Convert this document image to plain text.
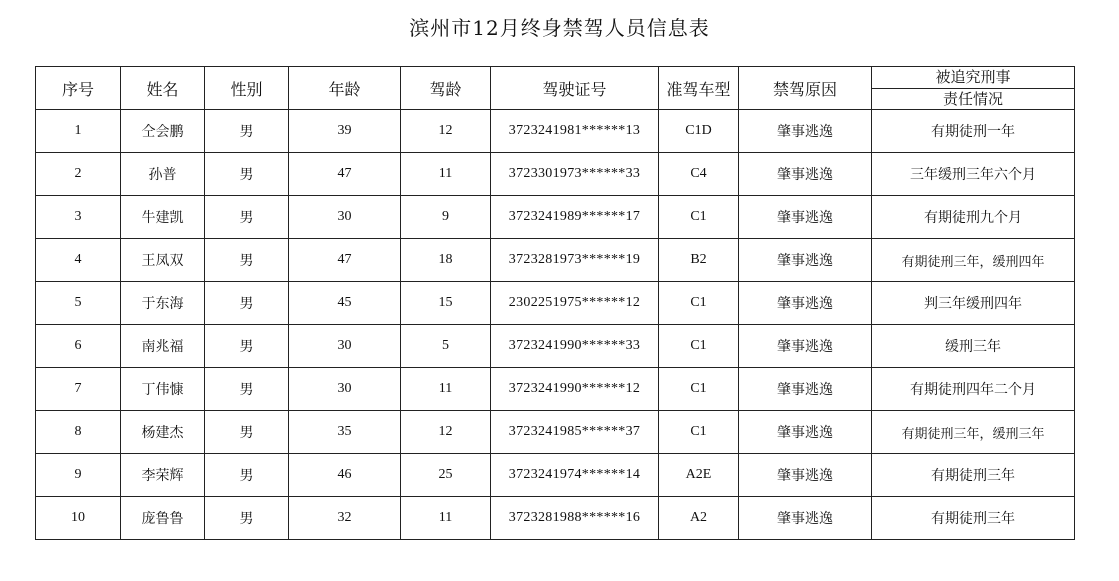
滨州市12月终身禁驾人员信息表
序号	姓名	性别	年龄	驾龄	驾驶证号	准驾车型	禁驾原因	被追究刑事
								责任情况
1	仝会鹏	男	39	12	3723241981******13	C1D	肇事逃逸	有期徒刑一年
2	孙普	男	47	11	3723301973******33	C4	肇事逃逸	三年缓刑三年六个月
3	牛建凯	男	30	9	3723241989******17	C1	肇事逃逸	有期徒刑九个月
4	王凤双	男	47	18	3723281973******19	B2	肇事逃逸	有期徒刑三年，缓刑四年
5	于东海	男	45	15	2302251975******12	C1	肇事逃逸	判三年缓刑四年
6	南兆福	男	30	5	3723241990******33	C1	肇事逃逸	缓刑三年
7	丁伟慷	男	30	11	3723241990******12	C1	肇事逃逸	有期徒刑四年二个月
8	杨建杰	男	35	12	3723241985******37	C1	肇事逃逸	有期徒刑三年，缓刑三年
9	李荣辉	男	46	25	3723241974******14	A2E	肇事逃逸	有期徒刑三年
10	庞鲁鲁	男	32	11	3723281988******16	A2	肇事逃逸	有期徒刑三年
